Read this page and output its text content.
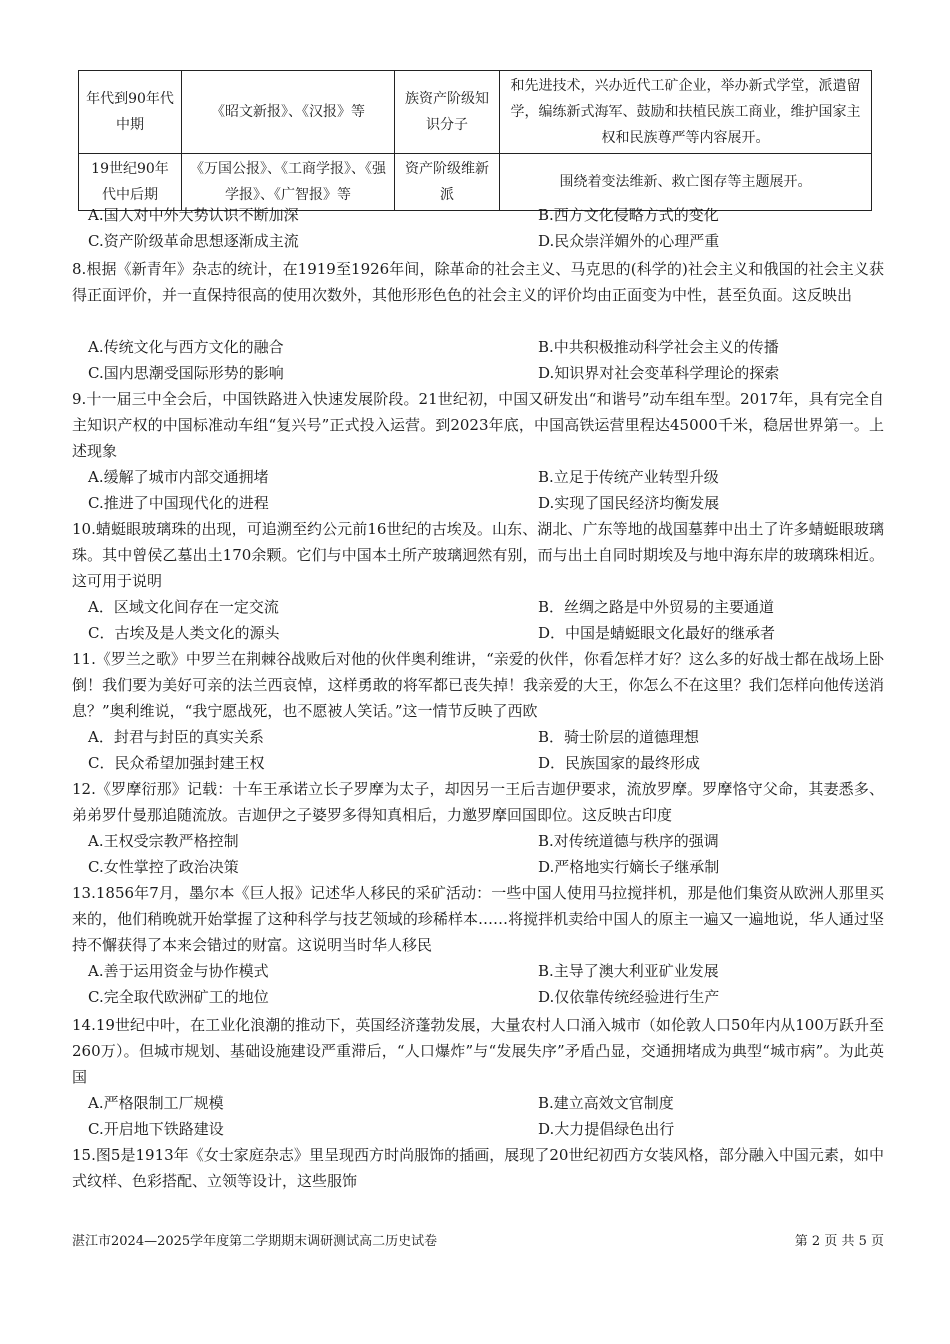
年代到90年代中期	《昭文新报》、《汉报》等	族资产阶级知识分子	和先进技术，兴办近代工矿企业，举办新式学堂，派遣留学，编练新式海军、鼓励和扶植民族工商业，维护国家主权和民族尊严等内容展开。
19世纪90年代中后期	《万国公报》、《工商学报》、《强学报》、《广智报》等	资产阶级维新派	围绕着变法维新、救亡图存等主题展开。
A.国人对中外大势认识不断加深	B.西方文化侵略方式的变化
C.资产阶级革命思想逐渐成主流	D.民众崇洋媚外的心理严重
8.根据《新青年》杂志的统计，在1919至1926年间，除革命的社会主义、马克思的(科学的)社会主义和俄国的社会主义获得正面评价，并一直保持很高的使用次数外，其他形形色色的社会主义的评价均由正面变为中性，甚至负面。这反映出
A.传统文化与西方文化的融合	B.中共积极推动科学社会主义的传播
C.国内思潮受国际形势的影响	D.知识界对社会变革科学理论的探索
9.十一届三中全会后，中国铁路进入快速发展阶段。21世纪初，中国又研发出“和谐号”动车组车型。2017年，具有完全自主知识产权的中国标准动车组“复兴号”正式投入运营。到2023年底，中国高铁运营里程达45000千米，稳居世界第一。上述现象
A.缓解了城市内部交通拥堵	B.立足于传统产业转型升级
C.推进了中国现代化的进程	D.实现了国民经济均衡发展
10.蜻蜓眼玻璃珠的出现，可追溯至约公元前16世纪的古埃及。山东、湖北、广东等地的战国墓葬中出土了许多蜻蜓眼玻璃珠。其中曾侯乙墓出土170余颗。它们与中国本土所产玻璃迥然有别，而与出土自同时期埃及与地中海东岸的玻璃珠相近。这可用于说明
A．区域文化间存在一定交流	B．丝绸之路是中外贸易的主要通道
C．古埃及是人类文化的源头	D．中国是蜻蜓眼文化最好的继承者
11.《罗兰之歌》中罗兰在荆棘谷战败后对他的伙伴奥利维讲，“亲爱的伙伴，你看怎样才好？这么多的好战士都在战场上卧倒！我们要为美好可亲的法兰西哀悼，这样勇敢的将军都已丧失掉！我亲爱的大王，你怎么不在这里？我们怎样向他传送消息？”奥利维说，“我宁愿战死，也不愿被人笑话。”这一情节反映了西欧
A．封君与封臣的真实关系	B．骑士阶层的道德理想
C．民众希望加强封建王权	D．民族国家的最终形成
12.《罗摩衍那》记载：十车王承诺立长子罗摩为太子，却因另一王后吉迦伊要求，流放罗摩。罗摩恪守父命，其妻悉多、弟弟罗什曼那追随流放。吉迦伊之子婆罗多得知真相后，力邀罗摩回国即位。这反映古印度
A.王权受宗教严格控制	B.对传统道德与秩序的强调
C.女性掌控了政治决策	D.严格地实行嫡长子继承制
13.1856年7月，墨尔本《巨人报》记述华人移民的采矿活动：一些中国人使用马拉搅拌机，那是他们集资从欧洲人那里买来的，他们稍晚就开始掌握了这种科学与技艺领域的珍稀样本……将搅拌机卖给中国人的原主一遍又一遍地说，华人通过坚持不懈获得了本来会错过的财富。这说明当时华人移民
A.善于运用资金与协作模式	B.主导了澳大利亚矿业发展
C.完全取代欧洲矿工的地位	D.仅依靠传统经验进行生产
14.19世纪中叶，在工业化浪潮的推动下，英国经济蓬勃发展，大量农村人口涌入城市（如伦敦人口50年内从100万跃升至260万）。但城市规划、基础设施建设严重滞后，“人口爆炸”与“发展失序”矛盾凸显，交通拥堵成为典型“城市病”。为此英国
A.严格限制工厂规模	B.建立高效文官制度
C.开启地下铁路建设	D.大力提倡绿色出行
15.图5是1913年《女士家庭杂志》里呈现西方时尚服饰的插画，展现了20世纪初西方女装风格，部分融入中国元素，如中式纹样、色彩搭配、立领等设计，这些服饰
湛江市2024—2025学年度第二学期期末调研测试高二历史试卷	第 2 页 共 5 页
